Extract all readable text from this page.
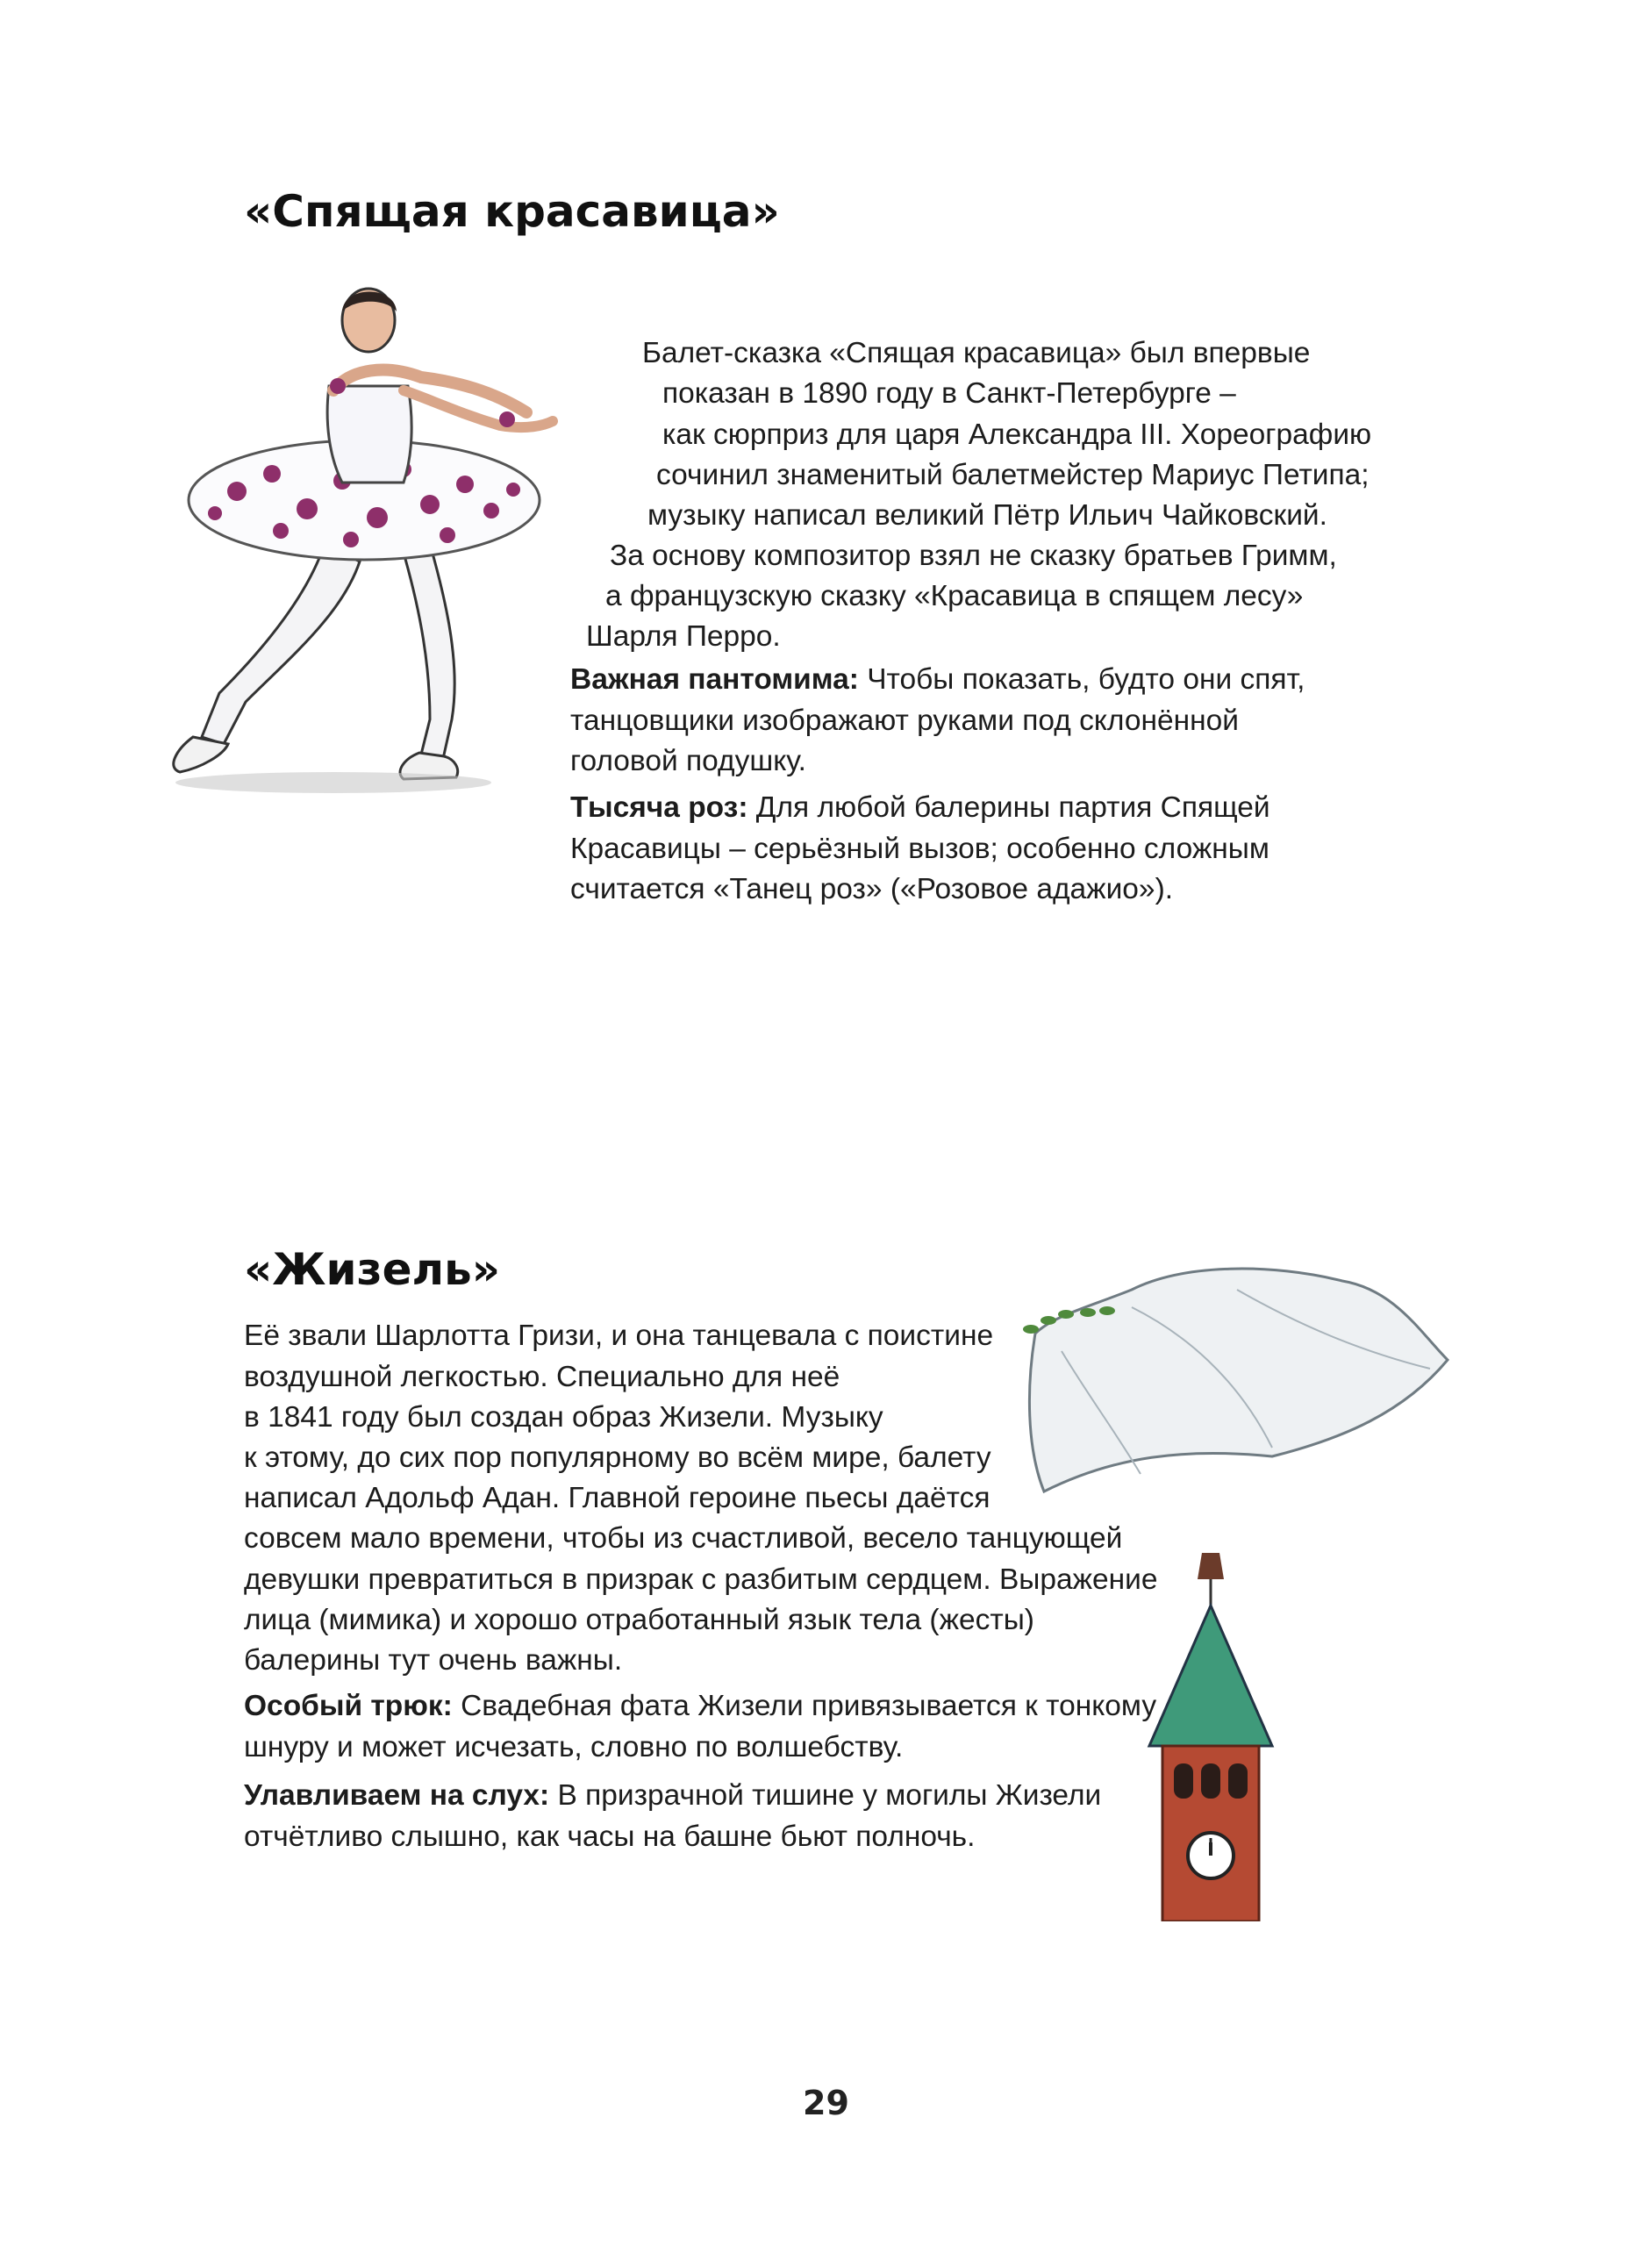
«Спящая красавица»
Балет-сказка «Спящая красавица» был впервые
показан в 1890 году в Санкт-Петербурге –
как сюрприз для царя Александра III. Хореографию
сочинил знаменитый балетмейстер Мариус Петипа;
музыку написал великий Пётр Ильич Чайковский.
За основу композитор взял не сказку братьев Гримм,
а французскую сказку «Красавица в спящем лесу»
Шарля Перро.
Важная пантомима: Чтобы показать, будто они спят,
танцовщики изображают руками под склонённой
головой подушку.
Тысяча роз: Для любой балерины партия Спящей
Красавицы – серьёзный вызов; особенно сложным
считается «Танец роз» («Розовое адажио»).
«Жизель»
Её звали Шарлотта Гризи, и она танцевала с поистине
воздушной легкостью. Специально для неё
в 1841 году был создан образ Жизели. Музыку
к этому, до сих пор популярному во всём мире, балету
написал Адольф Адан. Главной героине пьесы даётся
совсем мало времени, чтобы из счастливой, весело танцующей
девушки превратиться в призрак с разбитым сердцем. Выражение
лица (мимика) и хорошо отработанный язык тела (жесты)
балерины тут очень важны.
Особый трюк: Свадебная фата Жизели привязывается к тонкому
шнуру и может исчезать, словно по волшебству.
Улавливаем на слух: В призрачной тишине у могилы Жизели
отчётливо слышно, как часы на башне бьют полночь.
29
